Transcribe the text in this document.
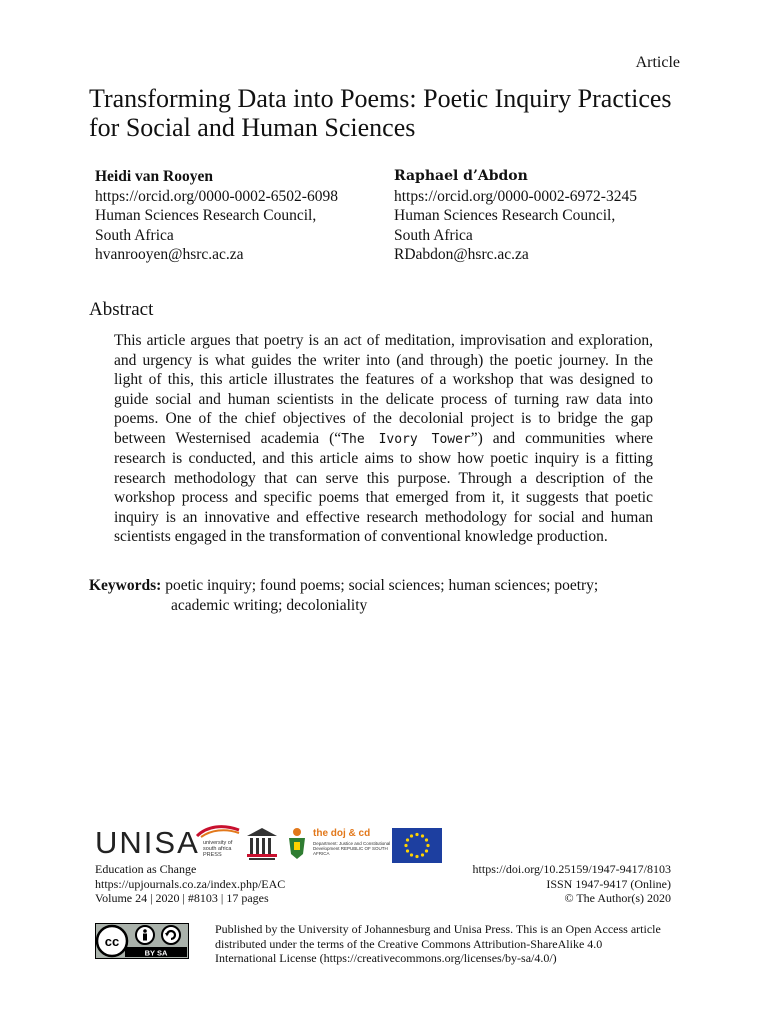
Article
Transforming Data into Poems: Poetic Inquiry Practices for Social and Human Sciences
Heidi van Rooyen
https://orcid.org/0000-0002-6502-6098
Human Sciences Research Council,
South Africa
hvanrooyen@hsrc.ac.za
Raphael d’Abdon
https://orcid.org/0000-0002-6972-3245
Human Sciences Research Council,
South Africa
RDabdon@hsrc.ac.za
Abstract

This article argues that poetry is an act of meditation, improvisation and exploration, and urgency is what guides the writer into (and through) the poetic journey. In the light of this, this article illustrates the features of a workshop that was designed to guide social and human scientists in the delicate process of turning raw data into poems. One of the chief objectives of the decolonial project is to bridge the gap between Westernised academia (“The Ivory Tower”) and communities where research is conducted, and this article aims to show how poetic inquiry is a fitting research methodology that can serve this purpose. Through a description of the workshop process and specific poems that emerged from it, it suggests that poetic inquiry is an innovative and effective research methodology for social and human scientists engaged in the transformation of conventional knowledge production.

Keywords: poetic inquiry; found poems; social sciences; human sciences; poetry;
academic writing; decoloniality
UNISA university of south africa PRESS
the doj & cd
Department: Justice and Constitutional Development REPUBLIC OF SOUTH AFRICA
Education as Change
https://upjournals.co.za/index.php/EAC
Volume 24 | 2020 | #8103 | 17 pages
https://doi.org/10.25159/1947-9417/8103
ISSN 1947-9417 (Online)
© The Author(s) 2020
cc
BY SA
Published by the University of Johannesburg and Unisa Press. This is an Open Access article distributed under the terms of the Creative Commons Attribution-ShareAlike 4.0 International License (https://creativecommons.org/licenses/by-sa/4.0/)
